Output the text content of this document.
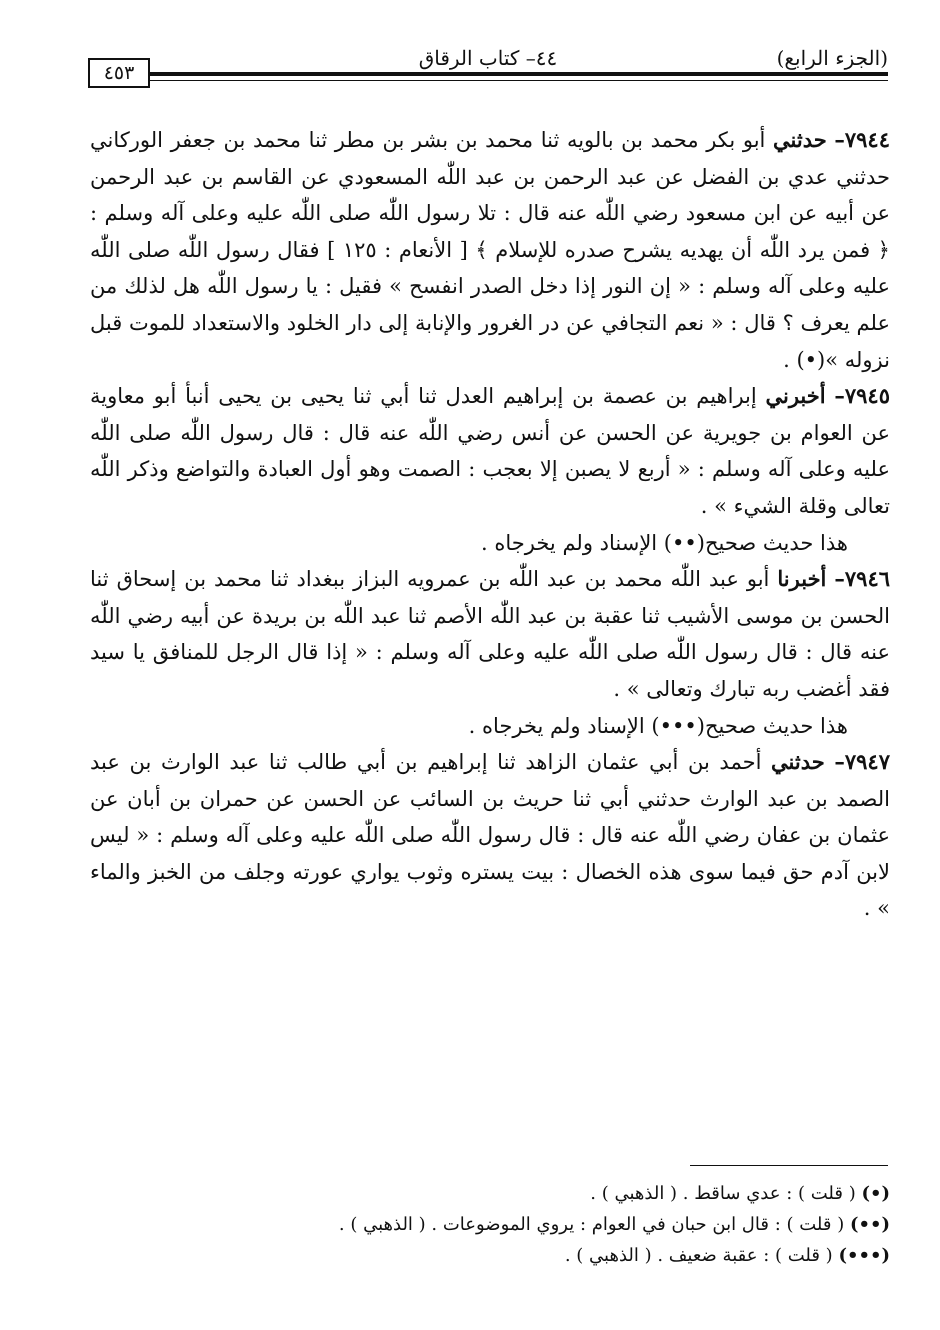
(الجزء الرابع)
٤٤– كتاب الرقاق
٤٥٣

٧٩٤٤– حدثني أبو بكر محمد بن بالويه ثنا محمد بن بشر بن مطر ثنا محمد بن جعفر الوركاني حدثني عدي بن الفضل عن عبد الرحمن بن عبد اللّٰه المسعودي عن القاسم بن عبد الرحمن عن أبيه عن ابن مسعود رضي اللّٰه عنه قال : تلا رسول اللّٰه صلى اللّٰه عليه وعلى آله وسلم : ﴿ فمن يرد اللّٰه أن يهديه يشرح صدره للإسلام ﴾ [ الأنعام : ١٢٥ ] فقال رسول اللّٰه صلى اللّٰه عليه وعلى آله وسلم : « إن النور إذا دخل الصدر انفسح » فقيل : يا رسول اللّٰه هل لذلك من علم يعرف ؟ قال : « نعم التجافي عن در الغرور والإنابة إلى دار الخلود والاستعداد للموت قبل نزوله »(•) .

٧٩٤٥– أخبرني إبراهيم بن عصمة بن إبراهيم العدل ثنا أبي ثنا يحيى بن يحيى أنبأ أبو معاوية عن العوام بن جويرية عن الحسن عن أنس رضي اللّٰه عنه قال : قال رسول اللّٰه صلى اللّٰه عليه وعلى آله وسلم : « أربع لا يصبن إلا بعجب : الصمت وهو أول العبادة والتواضع وذكر اللّٰه تعالى وقلة الشيء » .

هذا حديث صحيح(••) الإسناد ولم يخرجاه .

٧٩٤٦– أخبرنا أبو عبد اللّٰه محمد بن عبد اللّٰه بن عمرويه البزاز ببغداد ثنا محمد بن إسحاق ثنا الحسن بن موسى الأشيب ثنا عقبة بن عبد اللّٰه الأصم ثنا عبد اللّٰه بن بريدة عن أبيه رضي اللّٰه عنه قال : قال رسول اللّٰه صلى اللّٰه عليه وعلى آله وسلم : « إذا قال الرجل للمنافق يا سيد فقد أغضب ربه تبارك وتعالى » .

هذا حديث صحيح(•••) الإسناد ولم يخرجاه .

٧٩٤٧– حدثني أحمد بن أبي عثمان الزاهد ثنا إبراهيم بن أبي طالب ثنا عبد الوارث بن عبد الصمد بن عبد الوارث حدثني أبي ثنا حريث بن السائب عن الحسن عن حمران بن أبان عن عثمان بن عفان رضي اللّٰه عنه قال : قال رسول اللّٰه صلى اللّٰه عليه وعلى آله وسلم : « ليس لابن آدم حق فيما سوى هذه الخصال : بيت يستره وثوب يواري عورته وجلف من الخبز والماء » .

(•) ( قلت ) : عدي ساقط . ( الذهبي ) .

(••) ( قلت ) : قال ابن حبان في العوام : يروي الموضوعات . ( الذهبي ) .

(•••) ( قلت ) : عقبة ضعيف . ( الذهبي ) .
